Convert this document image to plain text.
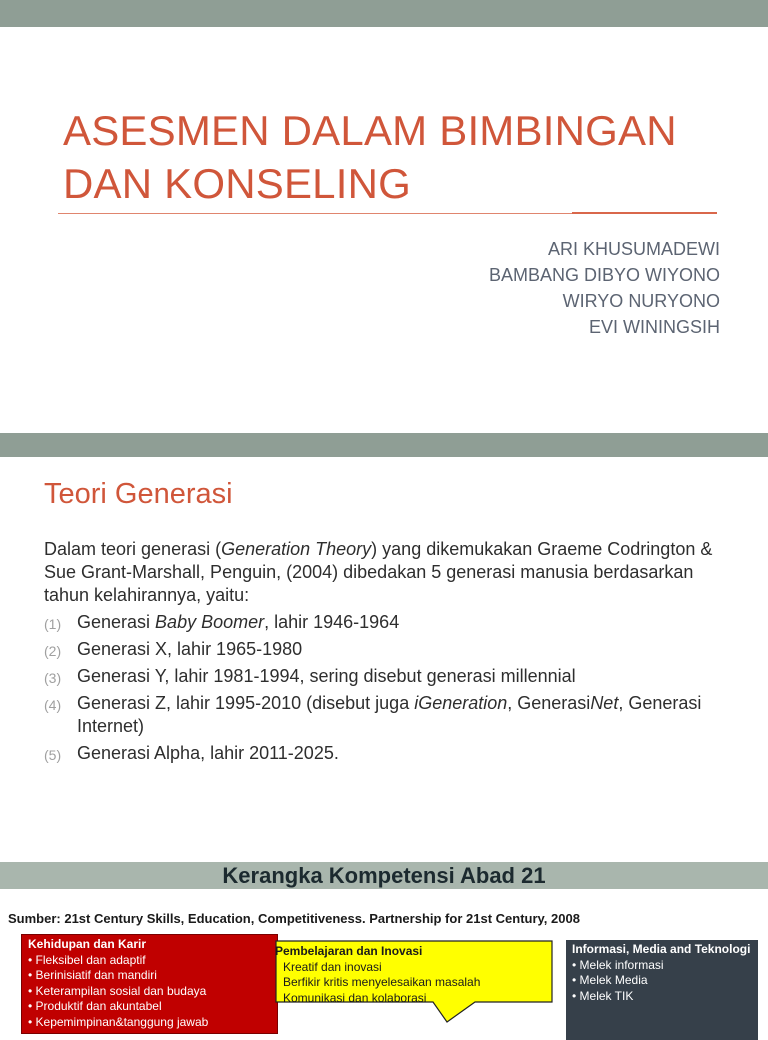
ASESMEN DALAM BIMBINGAN
DAN KONSELING
ARI KHUSUMADEWI
BAMBANG DIBYO WIYONO
WIRYO NURYONO
EVI WININGSIH
Teori Generasi
Dalam teori generasi (Generation Theory) yang dikemukakan Graeme Codrington & Sue Grant-Marshall, Penguin, (2004) dibedakan 5 generasi manusia berdasarkan tahun kelahirannya, yaitu:
(1) Generasi Baby Boomer, lahir 1946-1964
(2) Generasi X, lahir 1965-1980
(3) Generasi Y, lahir 1981-1994, sering disebut generasi millennial
(4) Generasi Z, lahir 1995-2010 (disebut juga iGeneration, GenerasiNet, Generasi Internet)
(5) Generasi Alpha, lahir 2011-2025.
Kerangka Kompetensi Abad 21
Sumber: 21st Century Skills, Education, Competitiveness. Partnership for 21st Century, 2008
Kehidupan dan Karir
• Fleksibel dan adaptif
• Berinisiatif dan mandiri
• Keterampilan sosial dan budaya
• Produktif dan akuntabel
• Kepemimpinan&tanggung jawab
Pembelajaran dan Inovasi
Kreatif dan inovasi
Berfikir kritis menyelesaikan masalah
Komunikasi dan kolaborasi
Informasi, Media and Teknologi
• Melek informasi
• Melek Media
• Melek TIK
